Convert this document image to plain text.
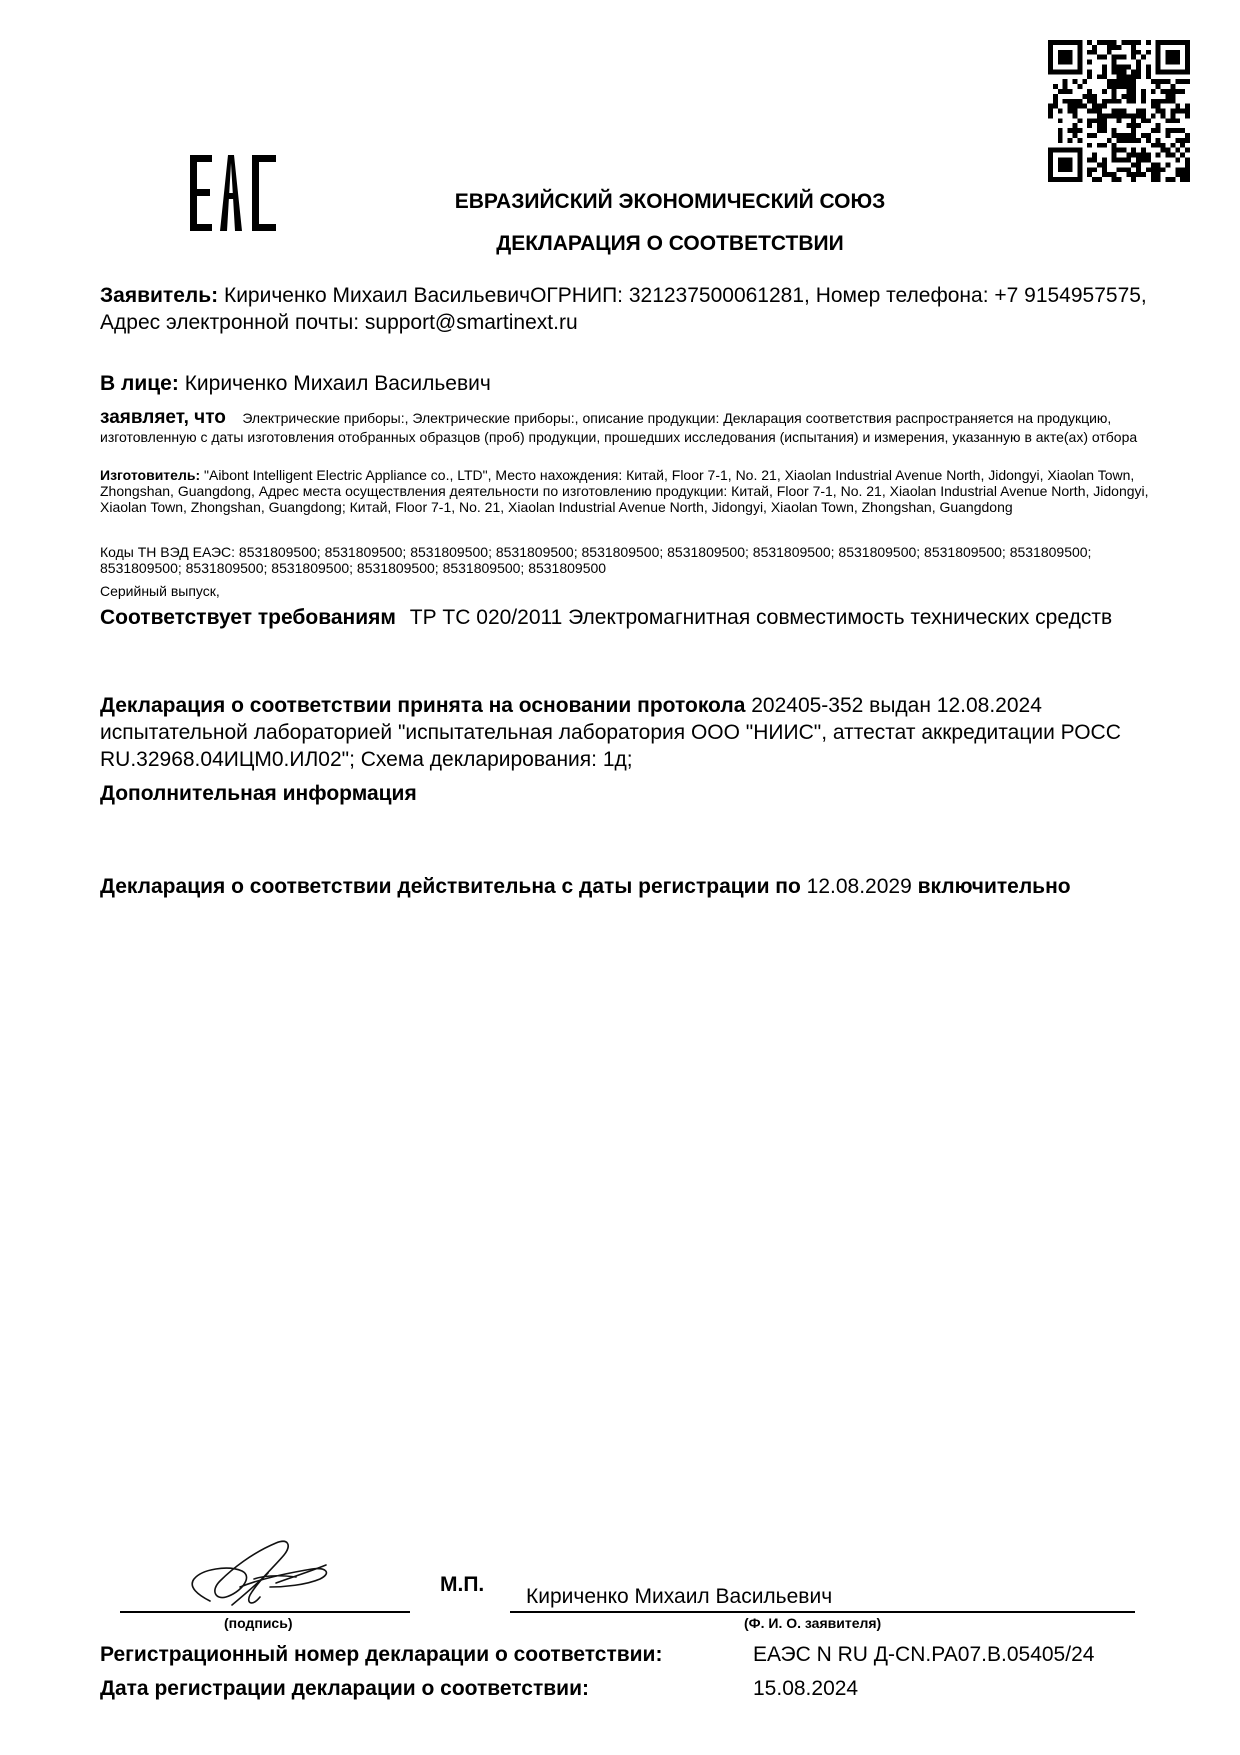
ЕВРАЗИЙСКИЙ ЭКОНОМИЧЕСКИЙ СОЮЗ
ДЕКЛАРАЦИЯ О СООТВЕТСТВИИ
Заявитель: Кириченко Михаил ВасильевичОГРНИП: 321237500061281, Номер телефона: +7 9154957575, Адрес электронной почты: support@smartinext.ru
В лице: Кириченко Михаил Васильевич
заявляет, что Электрические приборы:, Электрические приборы:, описание продукции: Декларация соответствия распространяется на продукцию, изготовленную с даты изготовления отобранных образцов (проб) продукции, прошедших исследования (испытания) и измерения, указанную в акте(ах) отбора
Изготовитель: "Aibont Intelligent Electric Appliance co., LTD", Место нахождения: Китай, Floor 7-1, No. 21, Xiaolan Industrial Avenue North, Jidongyi, Xiaolan Town, Zhongshan, Guangdong, Адрес места осуществления деятельности по изготовлению продукции: Китай, Floor 7-1, No. 21, Xiaolan Industrial Avenue North, Jidongyi, Xiaolan Town, Zhongshan, Guangdong; Китай, Floor 7-1, No. 21, Xiaolan Industrial Avenue North, Jidongyi, Xiaolan Town, Zhongshan, Guangdong
Коды ТН ВЭД ЕАЭС: 8531809500; 8531809500; 8531809500; 8531809500; 8531809500; 8531809500; 8531809500; 8531809500; 8531809500; 8531809500; 8531809500; 8531809500; 8531809500; 8531809500; 8531809500; 8531809500
Серийный выпуск,
Соответствует требованиям ТР ТС 020/2011 Электромагнитная совместимость технических средств
Декларация о соответствии принята на основании протокола 202405-352 выдан 12.08.2024 испытательной лабораторией "испытательная лаборатория ООО "НИИС", аттестат аккредитации РОСС RU.32968.04ИЦМ0.ИЛ02"; Схема декларирования: 1д;
Дополнительная информация
Декларация о соответствии действительна с даты регистрации по 12.08.2029 включительно
(подпись)
М.П.
Кириченко Михаил Васильевич
(Ф. И. О. заявителя)
Регистрационный номер декларации о соответствии:	ЕАЭС N RU Д-CN.РА07.В.05405/24
Дата регистрации декларации о соответствии:	15.08.2024
